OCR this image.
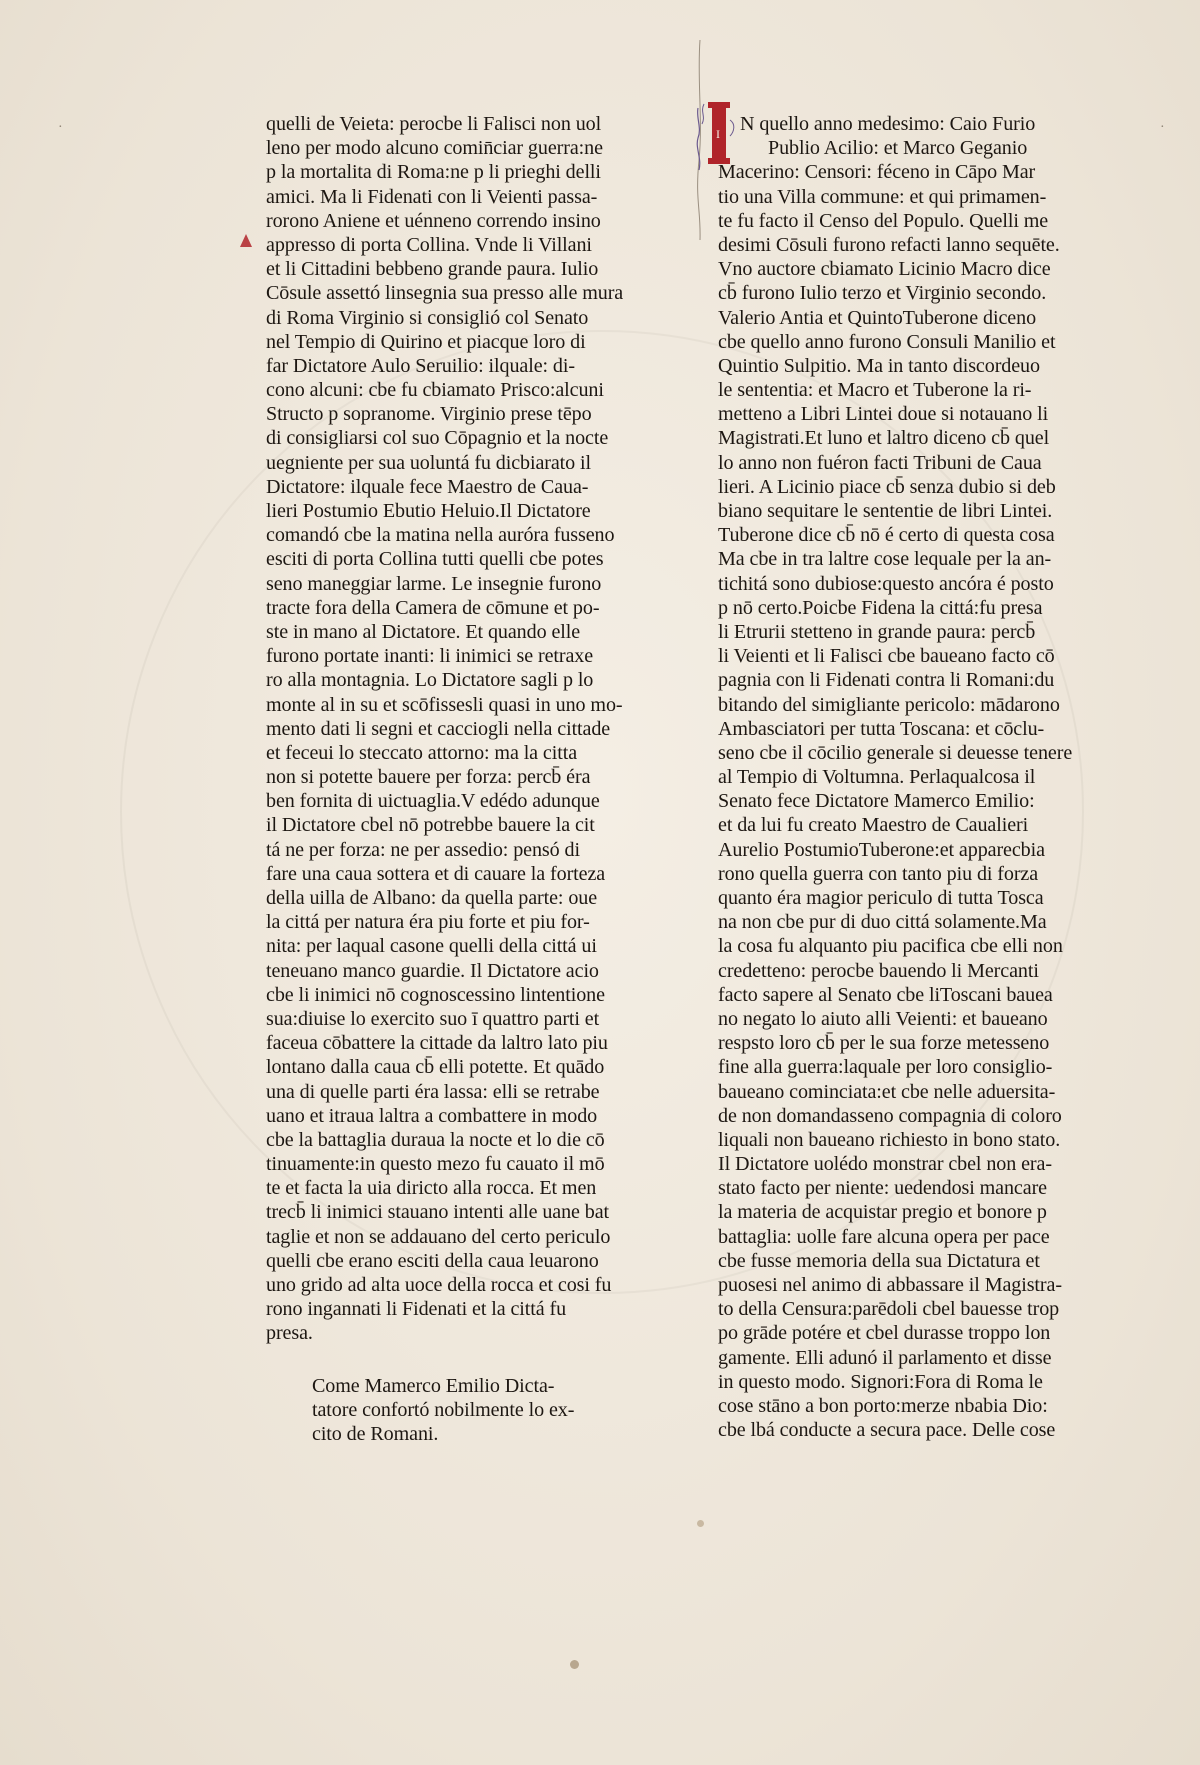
quelli de Veieta: perocbe li Falisci non uol
leno per modo alcuno comin̄ciar guerra:ne
p la mortalita di Roma:ne p li prieghi delli
amici. Ma li Fidenati con li Veienti passa-
rorono Aniene et uénneno correndo insino
appresso di porta Collina. Vnde li Villani
et li Cittadini bebbeno grande paura. Iulio
Cōsule assettó linsegnia sua presso alle mura
di Roma Virginio si consiglió col Senato
nel Tempio di Quirino et piacque loro di
far Dictatore Aulo Seruilio: ilquale: di-
cono alcuni: cbe fu cbiamato Prisco:alcuni
Structo p sopranome. Virginio prese tēpo
di consigliarsi col suo Cōpagnio et la nocte
uegniente per sua uoluntá fu dicbiarato il
Dictatore: ilquale fece Maestro de Caua-
lieri Postumio Ebutio Heluio.Il Dictatore
comandó cbe la matina nella auróra fusseno
esciti di porta Collina tutti quelli cbe potes
seno maneggiar larme. Le insegnie furono
tracte fora della Camera de cōmune et po-
ste in mano al Dictatore. Et quando elle
furono portate inanti: li inimici se retraxe
ro alla montagnia. Lo Dictatore sagli p lo
monte al in su et scōfissesli quasi in uno mo-
mento dati li segni et cacciogli nella cittade
et feceui lo steccato attorno: ma la citta
non si potette bauere per forza: percb̄ éra
ben fornita di uictuaglia.V edédo adunque
il Dictatore cbel nō potrebbe bauere la cit
tá ne per forza: ne per assedio: pensó di
fare una caua sottera et di cauare la forteza
della uilla de Albano: da quella parte: oue
la cittá per natura éra piu forte et piu for-
nita: per laqual casone quelli della cittá ui
teneuano manco guardie. Il Dictatore acio
cbe li inimici nō cognoscessino lintentione
sua:diuise lo exercito suo ī quattro parti et
faceua cōbattere la cittade da laltro lato piu
lontano dalla caua cb̄ elli potette. Et quādo
una di quelle parti éra lassa: elli se retrabe
uano et itraua laltra a combattere in modo
cbe la battaglia duraua la nocte et lo die cō
tinuamente:in questo mezo fu cauato il mō
te et facta la uia diricto alla rocca. Et men
trecb̄ li inimici stauano intenti alle uane bat
taglie et non se addauano del certo periculo
quelli cbe erano esciti della caua leuarono
uno grido ad alta uoce della rocca et cosi fu
rono ingannati li Fidenati et la cittá fu
presa.
Come Mamerco Emilio Dicta-
tatore confortó nobilmente lo ex-
cito de Romani.
I N quello anno medesimo: Caio Furio
Publio Acilio: et Marco Geganio
Macerino: Censori: féceno in Cāpo Mar
tio una Villa commune: et qui primamen-
te fu facto il Censo del Populo. Quelli me
desimi Cōsuli furono refacti lanno sequēte.
Vno auctore cbiamato Licinio Macro dice
cb̄ furono Iulio terzo et Virginio secondo.
Valerio Antia et QuintoTuberone diceno
cbe quello anno furono Consuli Manilio et
Quintio Sulpitio. Ma in tanto discordeuo
le sententia: et Macro et Tuberone la ri-
metteno a Libri Lintei doue si notauano li
Magistrati.Et luno et laltro diceno cb̄ quel
lo anno non fuéron facti Tribuni de Caua
lieri. A Licinio piace cb̄ senza dubio si deb
biano sequitare le sententie de libri Lintei.
Tuberone dice cb̄ nō é certo di questa cosa
Ma cbe in tra laltre cose lequale per la an-
tichitá sono dubiose:questo ancóra é posto
p nō certo.Poicbe Fidena la cittá:fu presa
li Etrurii stetteno in grande paura: percb̄
li Veienti et li Falisci cbe baueano facto cō
pagnia con li Fidenati contra li Romani:du
bitando del simigliante pericolo: mādarono
Ambasciatori per tutta Toscana: et cōclu-
seno cbe il cōcilio generale si deuesse tenere
al Tempio di Voltumna. Perlaqualcosa il
Senato fece Dictatore Mamerco Emilio:
et da lui fu creato Maestro de Caualieri
Aurelio PostumioTuberone:et apparecbia
rono quella guerra con tanto piu di forza
quanto éra magior periculo di tutta Tosca
na non cbe pur di duo cittá solamente.Ma
la cosa fu alquanto piu pacifica cbe elli non
credetteno: perocbe bauendo li Mercanti
facto sapere al Senato cbe liToscani bauea
no negato lo aiuto alli Veienti: et baueano
respsto loro cb̄ per le sua forze metesseno
fine alla guerra:laquale per loro consiglio-
baueano cominciata:et cbe nelle aduersita-
de non domandasseno compagnia di coloro
liquali non baueano richiesto in bono stato.
Il Dictatore uolédo monstrar cbel non era-
stato facto per niente: uedendosi mancare
la materia de acquistar pregio et bonore p
battaglia: uolle fare alcuna opera per pace
cbe fusse memoria della sua Dictatura et
puosesi nel animo di abbassare il Magistra-
to della Censura:parēdoli cbel bauesse trop
po grāde potére et cbel durasse troppo lon
gamente. Elli adunó il parlamento et disse
in questo modo. Signori:Fora di Roma le
cose stāno a bon porto:merze nbabia Dio:
cbe lbá conducte a secura pace. Delle cose
·	·
